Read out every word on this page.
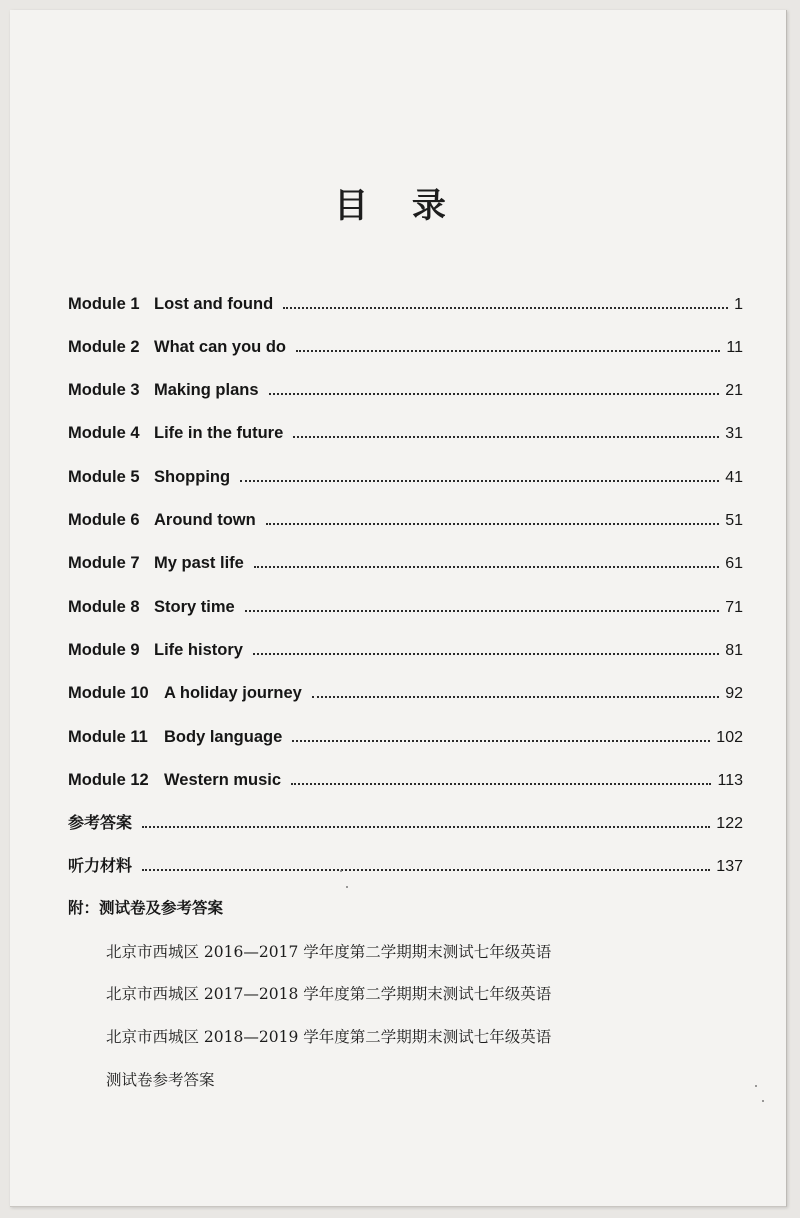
目 录
Module 1 Lost and found	1
Module 2 What can you do	11
Module 3 Making plans	21
Module 4 Life in the future	31
Module 5 Shopping	41
Module 6 Around town	51
Module 7 My past life	61
Module 8 Story time	71
Module 9 Life history	81
Module 10 A holiday journey	92
Module 11 Body language	102
Module 12 Western music	113
参考答案	122
听力材料	137
附：测试卷及参考答案
北京市西城区 2016—2017 学年度第二学期期末测试七年级英语
北京市西城区 2017—2018 学年度第二学期期末测试七年级英语
北京市西城区 2018—2019 学年度第二学期期末测试七年级英语
测试卷参考答案
